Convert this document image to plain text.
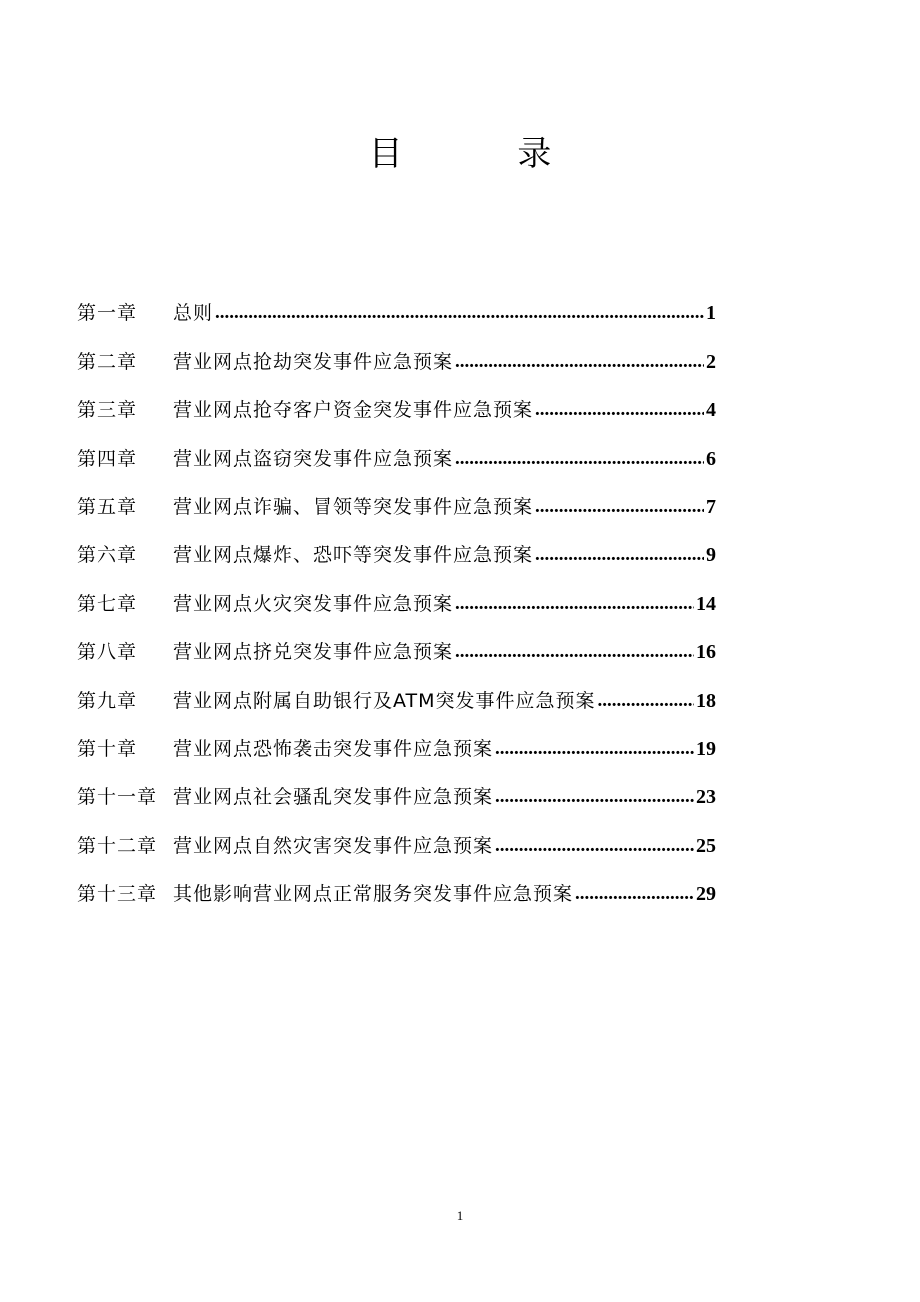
目 录
第一章	总则 .....	1
第二章	营业网点抢劫突发事件应急预案 .....	2
第三章	营业网点抢夺客户资金突发事件应急预案 .....	4
第四章	营业网点盗窃突发事件应急预案 .....	6
第五章	营业网点诈骗、冒领等突发事件应急预案 .....	7
第六章	营业网点爆炸、恐吓等突发事件应急预案 .....	9
第七章	营业网点火灾突发事件应急预案 .....	14
第八章	营业网点挤兑突发事件应急预案 .....	16
第九章	营业网点附属自助银行及ATM突发事件应急预案 .....	18
第十章	营业网点恐怖袭击突发事件应急预案 .....	19
第十一章 营业网点社会骚乱突发事件应急预案 .....	23
第十二章 营业网点自然灾害突发事件应急预案 .....	25
第十三章 其他影响营业网点正常服务突发事件应急预案 .....	29
1
